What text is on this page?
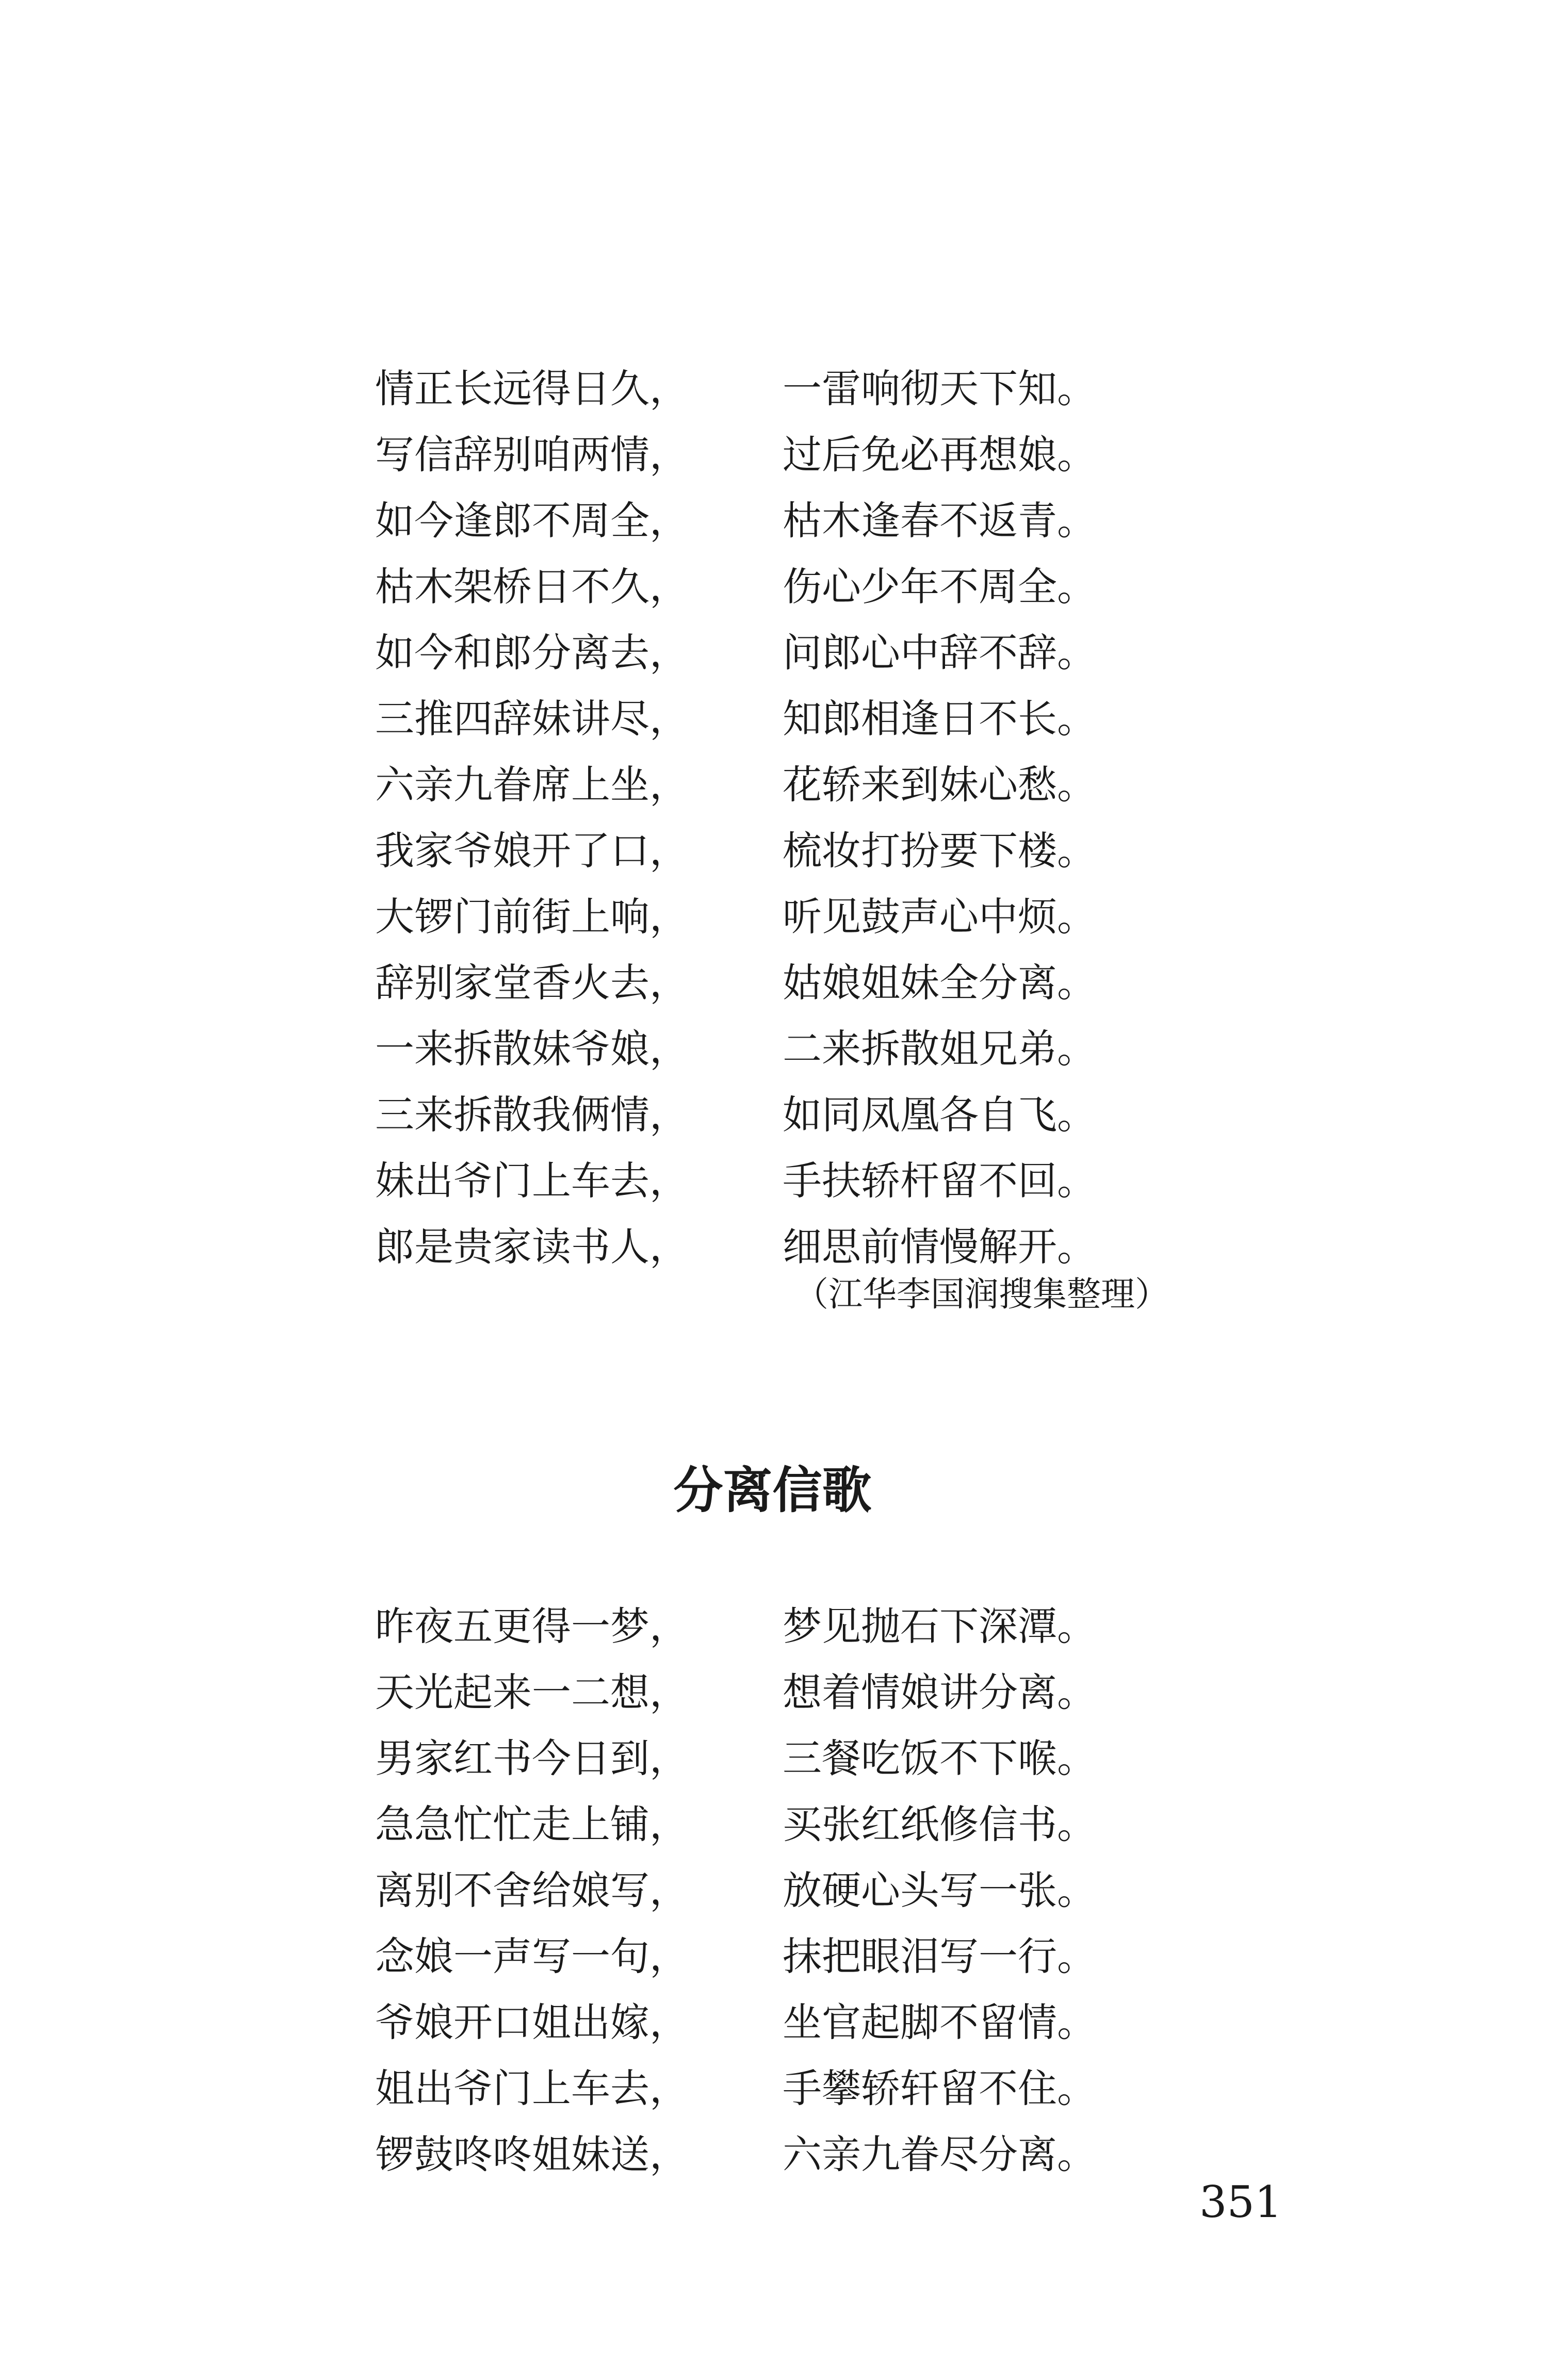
情正长远得日久， 一雷响彻天下知。
写信辞别咱两情， 过后免必再想娘。
如今逢郎不周全， 枯木逢春不返青。
枯木架桥日不久， 伤心少年不周全。
如今和郎分离去， 问郎心中辞不辞。
三推四辞妹讲尽， 知郎相逢日不长。
六亲九眷席上坐， 花轿来到妹心愁。
我家爷娘开了口， 梳妆打扮要下楼。
大锣门前街上响， 听见鼓声心中烦。
辞别家堂香火去， 姑娘姐妹全分离。
一来拆散妹爷娘， 二来拆散姐兄弟。
三来拆散我俩情， 如同凤凰各自飞。
妹出爷门上车去， 手扶轿杆留不回。
郎是贵家读书人， 细思前情慢解开。
（江华李国润搜集整理）
分离信歌
昨夜五更得一梦， 梦见抛石下深潭。
天光起来一二想， 想着情娘讲分离。
男家红书今日到， 三餐吃饭不下喉。
急急忙忙走上铺， 买张红纸修信书。
离别不舍给娘写， 放硬心头写一张。
念娘一声写一句， 抹把眼泪写一行。
爷娘开口姐出嫁， 坐官起脚不留情。
姐出爷门上车去， 手攀轿轩留不住。
锣鼓咚咚姐妹送， 六亲九眷尽分离。
351
